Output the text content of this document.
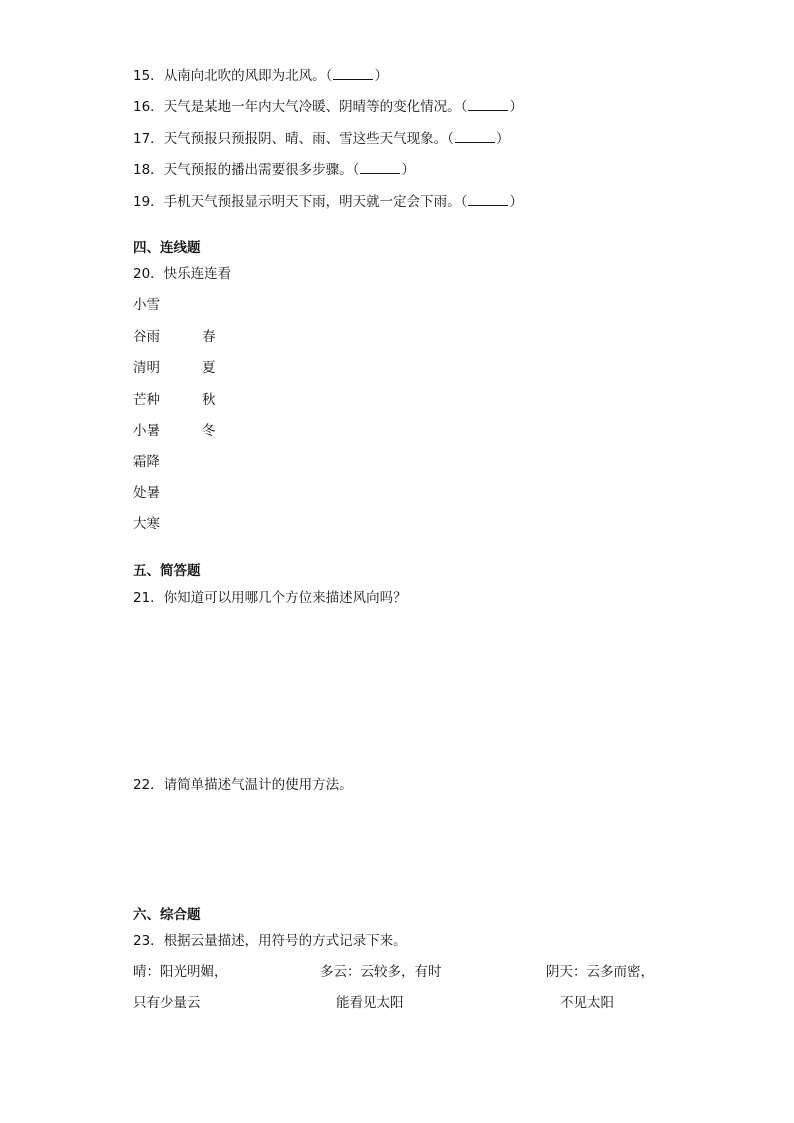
15．从南向北吹的风即为北风。（	）
16．天气是某地一年内大气冷暖、阴晴等的变化情况。（	）
17．天气预报只预报阴、晴、雨、雪这些天气现象。（	）
18．天气预报的播出需要很多步骤。（	）
19．手机天气预报显示明天下雨，明天就一定会下雨。（	）
四、连线题
20．快乐连连看
小雪
谷雨
清明
芒种
小暑
霜降
处暑
大寒
春
夏
秋
冬
五、简答题
21．你知道可以用哪几个方位来描述风向吗？
22．请简单描述气温计的使用方法。
六、综合题
23．根据云量描述，用符号的方式记录下来。
晴：阳光明媚，	多云：云较多，有时	阴天：云多而密，
只有少量云	能看见太阳	不见太阳
